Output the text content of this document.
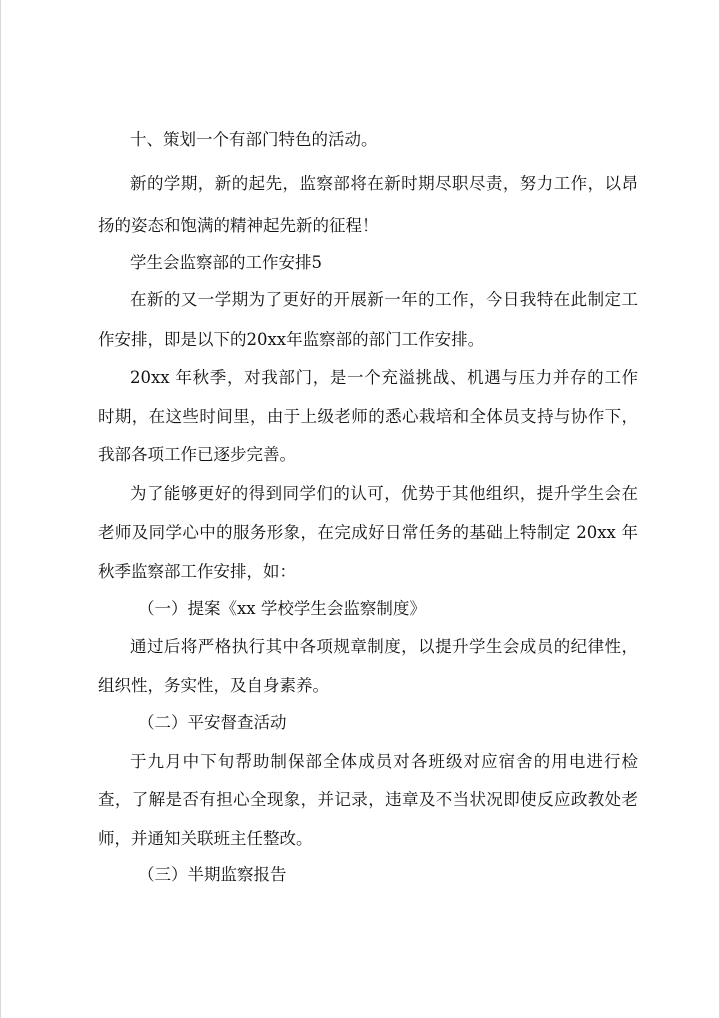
十、策划一个有部门特色的活动。
新的学期，新的起先，监察部将在新时期尽职尽责，努力工作，以昂
扬的姿态和饱满的精神起先新的征程！
学生会监察部的工作安排5
在新的又一学期为了更好的开展新一年的工作，今日我特在此制定工
作安排，即是以下的20xx年监察部的部门工作安排。
20xx 年秋季，对我部门，是一个充溢挑战、机遇与压力并存的工作
时期，在这些时间里，由于上级老师的悉心栽培和全体员支持与协作下，
我部各项工作已逐步完善。
为了能够更好的得到同学们的认可，优势于其他组织，提升学生会在
老师及同学心中的服务形象，在完成好日常任务的基础上特制定 20xx 年
秋季监察部工作安排，如：
（一）提案《xx 学校学生会监察制度》
通过后将严格执行其中各项规章制度，以提升学生会成员的纪律性，
组织性，务实性，及自身素养。
（二）平安督查活动
于九月中下旬帮助制保部全体成员对各班级对应宿舍的用电进行检
查，了解是否有担心全现象，并记录，违章及不当状况即使反应政教处老
师，并通知关联班主任整改。
（三）半期监察报告
